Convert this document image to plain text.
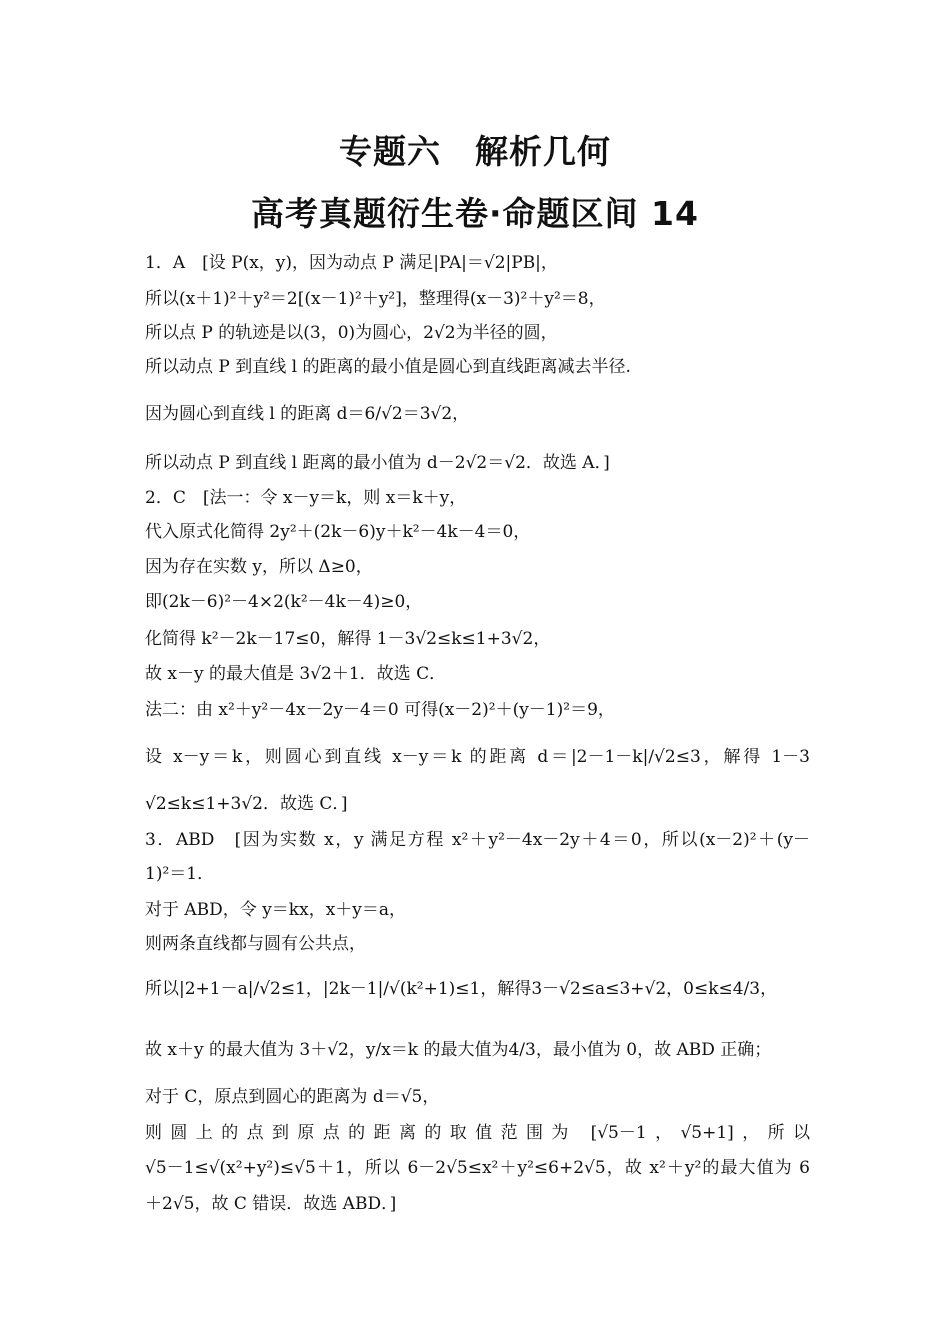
专题六　解析几何
高考真题衍生卷·命题区间 14
1．A　[设 P(x，y)，因为动点 P 满足|PA|＝√2|PB|，
所以(x＋1)²＋y²＝2[(x－1)²＋y²]，整理得(x－3)²＋y²＝8，
所以点 P 的轨迹是以(3，0)为圆心，2√2为半径的圆，
所以动点 P 到直线 l 的距离的最小值是圆心到直线距离减去半径.
因为圆心到直线 l 的距离 d＝6/√2＝3√2，
所以动点 P 到直线 l 距离的最小值为 d－2√2＝√2．故选 A．]
2．C　[法一：令 x－y＝k，则 x＝k＋y，
代入原式化简得 2y²＋(2k－6)y＋k²－4k－4＝0，
因为存在实数 y，所以 Δ≥0，
即(2k－6)²－4×2(k²－4k－4)≥0，
化简得 k²－2k－17≤0，解得 1－3√2≤k≤1+3√2，
故 x－y 的最大值是 3√2＋1．故选 C．
法二：由 x²＋y²－4x－2y－4＝0 可得(x－2)²＋(y－1)²＝9，
设 x－y＝k，则圆心到直线 x－y＝k 的距离 d＝|2－1－k|/√2≤3，解得 1－3
√2≤k≤1+3√2．故选 C．]
3．ABD　[因为实数 x，y 满足方程 x²＋y²－4x－2y＋4＝0，所以(x－2)²＋(y－
1)²＝1．
对于 ABD，令 y＝kx，x＋y＝a，
则两条直线都与圆有公共点，
所以|2+1－a|/√2≤1，|2k－1|/√(k²+1)≤1，解得3－√2≤a≤3+√2，0≤k≤4/3，
故 x＋y 的最大值为 3＋√2，y/x＝k 的最大值为4/3，最小值为 0，故 ABD 正确；
对于 C，原点到圆心的距离为 d＝√5，
则圆上的点到原点的距离的取值范围为 [√5－1，√5+1]，所以
√5－1≤√(x²+y²)≤√5＋1，所以 6－2√5≤x²＋y²≤6+2√5，故 x²＋y²的最大值为 6
＋2√5，故 C 错误．故选 ABD．]
